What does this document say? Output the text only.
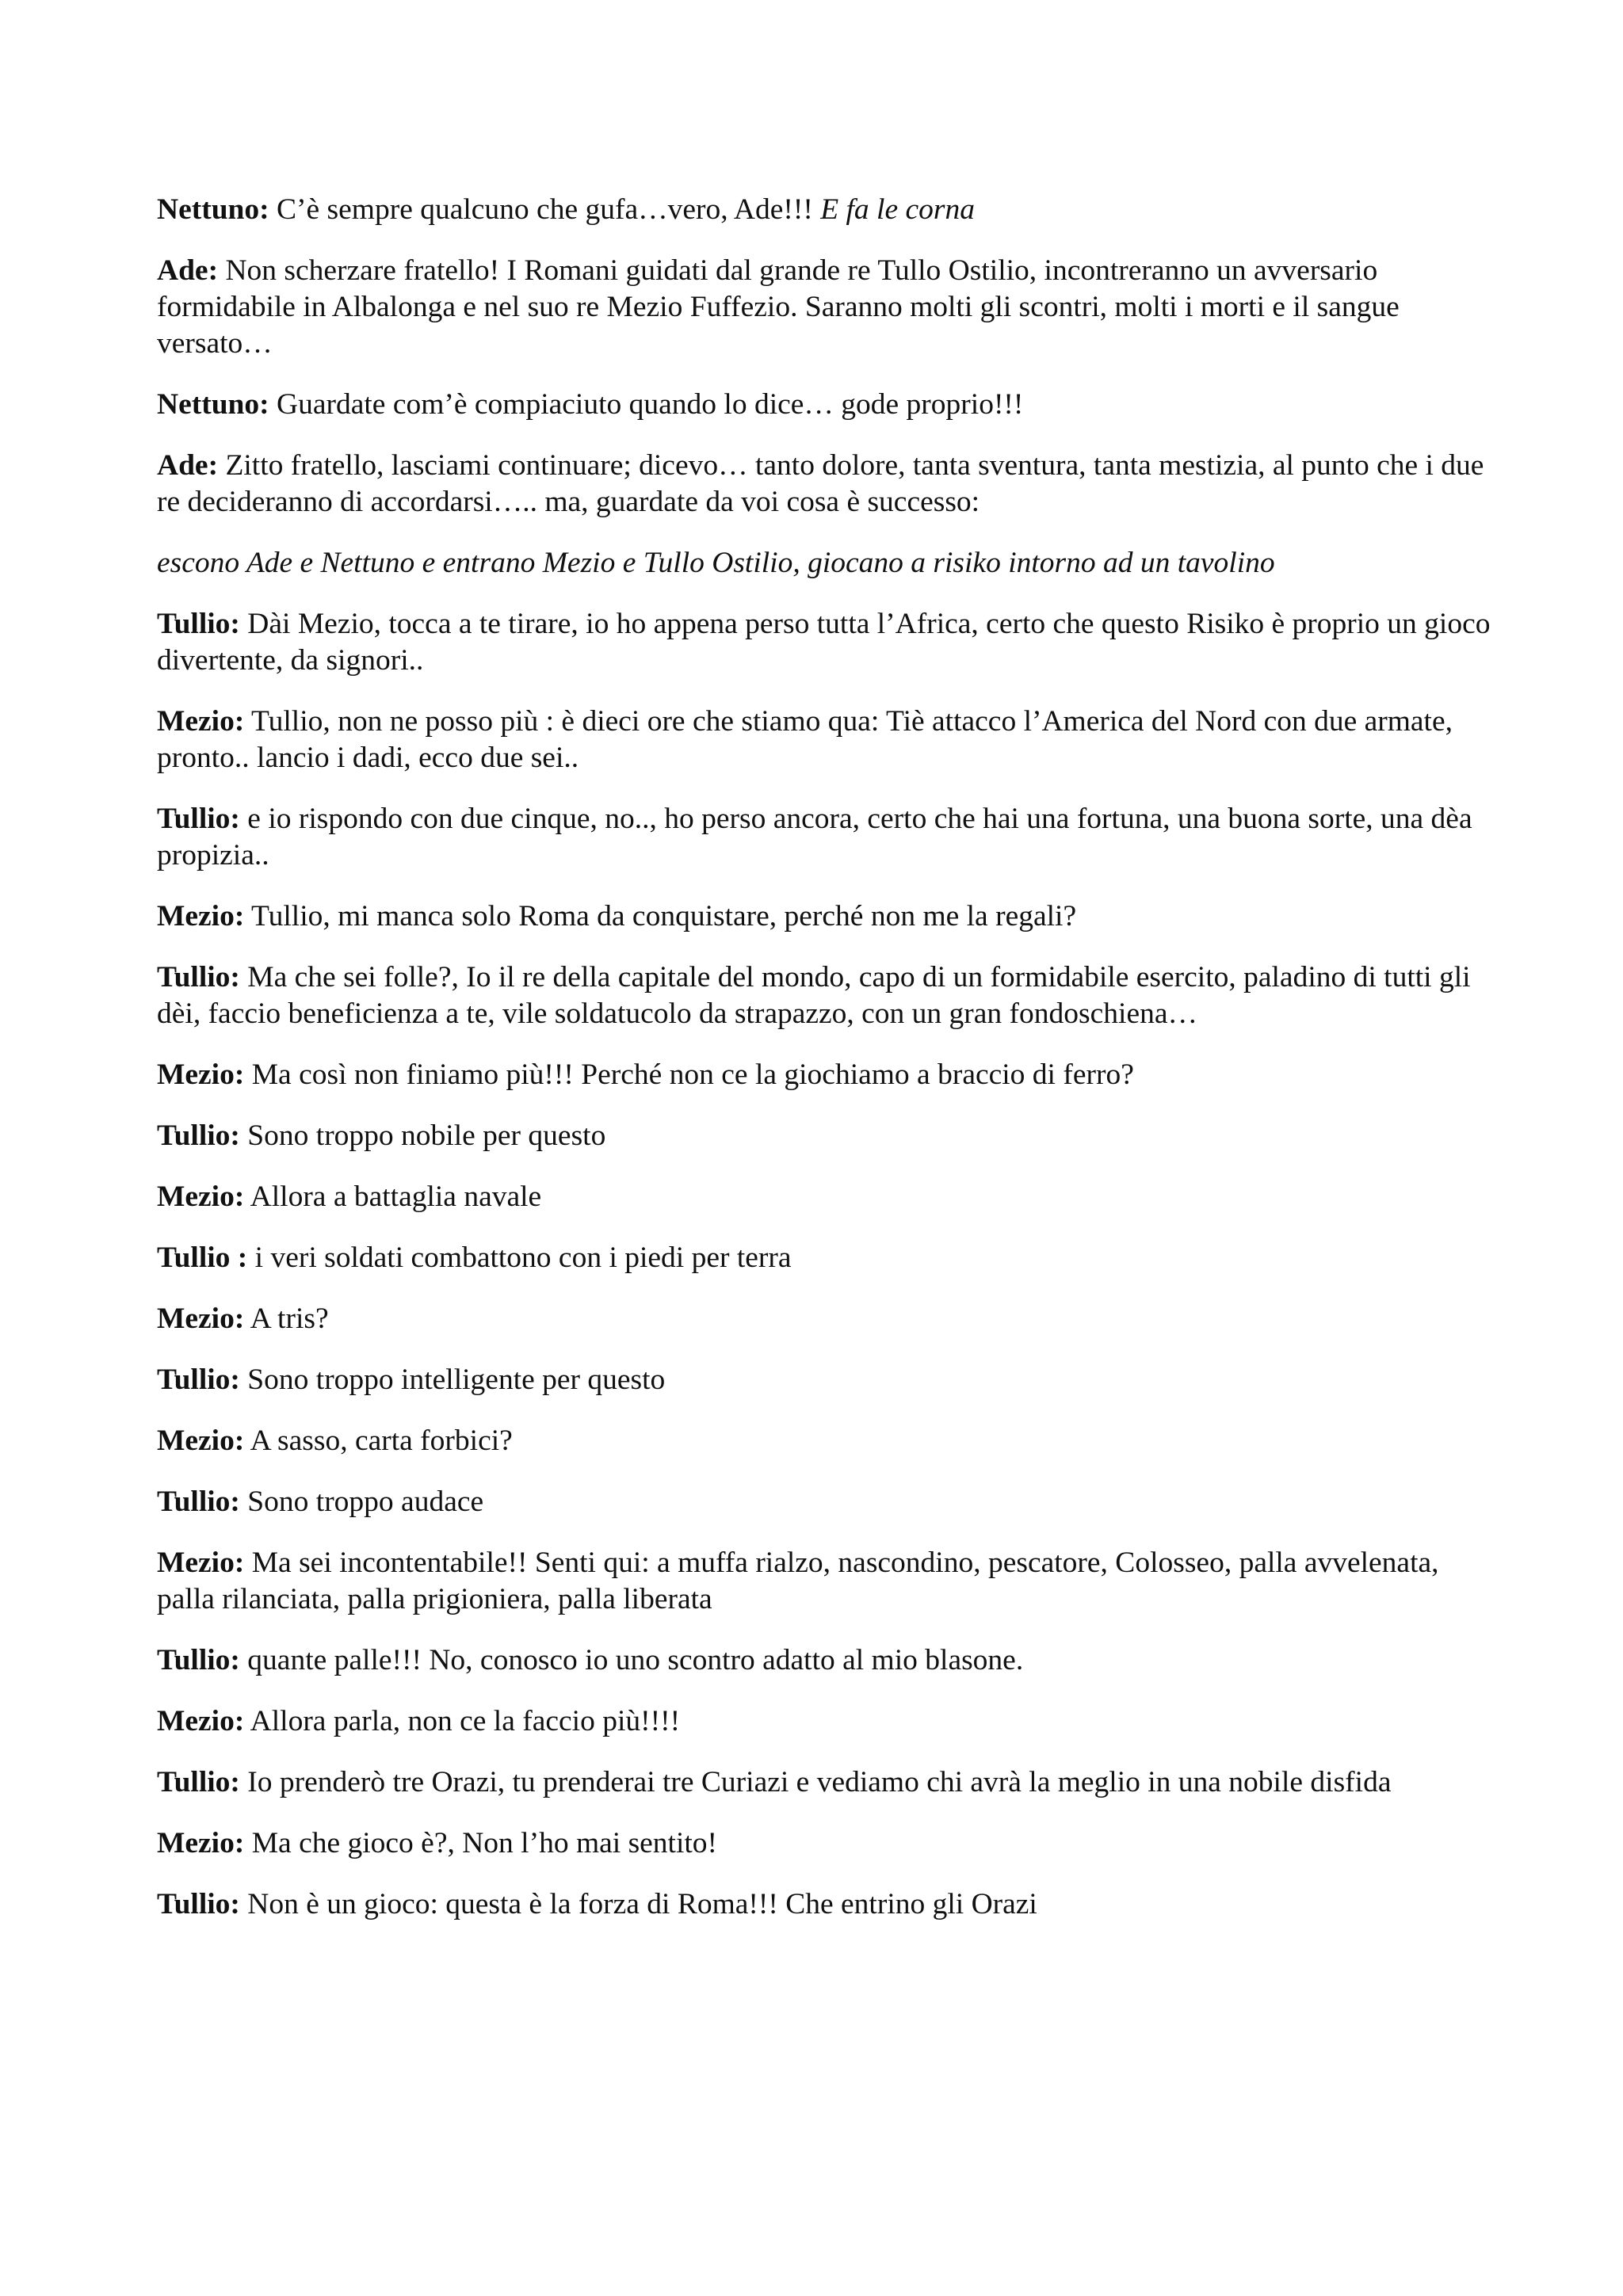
Nettuno: C’è sempre qualcuno che gufa…vero, Ade!!! E fa le corna

Ade: Non scherzare fratello! I Romani guidati dal grande re Tullo Ostilio, incontreranno un avversario formidabile in Albalonga e nel suo re Mezio Fuffezio. Saranno molti gli scontri, molti i morti e il sangue versato…

Nettuno: Guardate com’è compiaciuto quando lo dice… gode proprio!!!

Ade: Zitto fratello, lasciami continuare; dicevo… tanto dolore, tanta sventura, tanta mestizia, al punto che i due re decideranno di accordarsi….. ma, guardate da voi cosa è successo:

escono Ade e Nettuno e entrano Mezio e Tullo Ostilio, giocano a risiko intorno ad un tavolino

Tullio: Dài Mezio, tocca a te tirare, io ho appena perso tutta l’Africa, certo che questo Risiko è proprio un gioco divertente, da signori..

Mezio: Tullio, non ne posso più : è dieci ore che stiamo qua: Tiè attacco l’America del Nord con due armate, pronto.. lancio i dadi, ecco due sei..

Tullio: e io rispondo con due cinque, no.., ho perso ancora, certo che hai una fortuna, una buona sorte, una dèa propizia..

Mezio: Tullio, mi manca solo Roma da conquistare, perché non me la regali?

Tullio: Ma che sei folle?, Io il re della capitale del mondo, capo di un formidabile esercito, paladino di tutti gli dèi, faccio beneficienza a te, vile soldatucolo da strapazzo, con un gran fondoschiena…

Mezio: Ma così non finiamo più!!! Perché non ce la giochiamo a braccio di ferro?

Tullio: Sono troppo nobile per questo

Mezio: Allora a battaglia navale

Tullio : i veri soldati combattono con i piedi per terra

Mezio: A tris?

Tullio: Sono troppo intelligente per questo

Mezio: A sasso, carta forbici?

Tullio: Sono troppo audace

Mezio: Ma sei incontentabile!! Senti qui: a muffa rialzo, nascondino, pescatore, Colosseo, palla avvelenata, palla rilanciata, palla prigioniera, palla liberata

Tullio: quante palle!!! No, conosco io uno scontro adatto al mio blasone.

Mezio: Allora parla, non ce la faccio più!!!!

Tullio: Io prenderò tre Orazi, tu prenderai tre Curiazi e vediamo chi avrà la meglio in una nobile disfida

Mezio: Ma che gioco è?, Non l’ho mai sentito!

Tullio: Non è un gioco: questa è la forza di Roma!!! Che entrino gli Orazi
